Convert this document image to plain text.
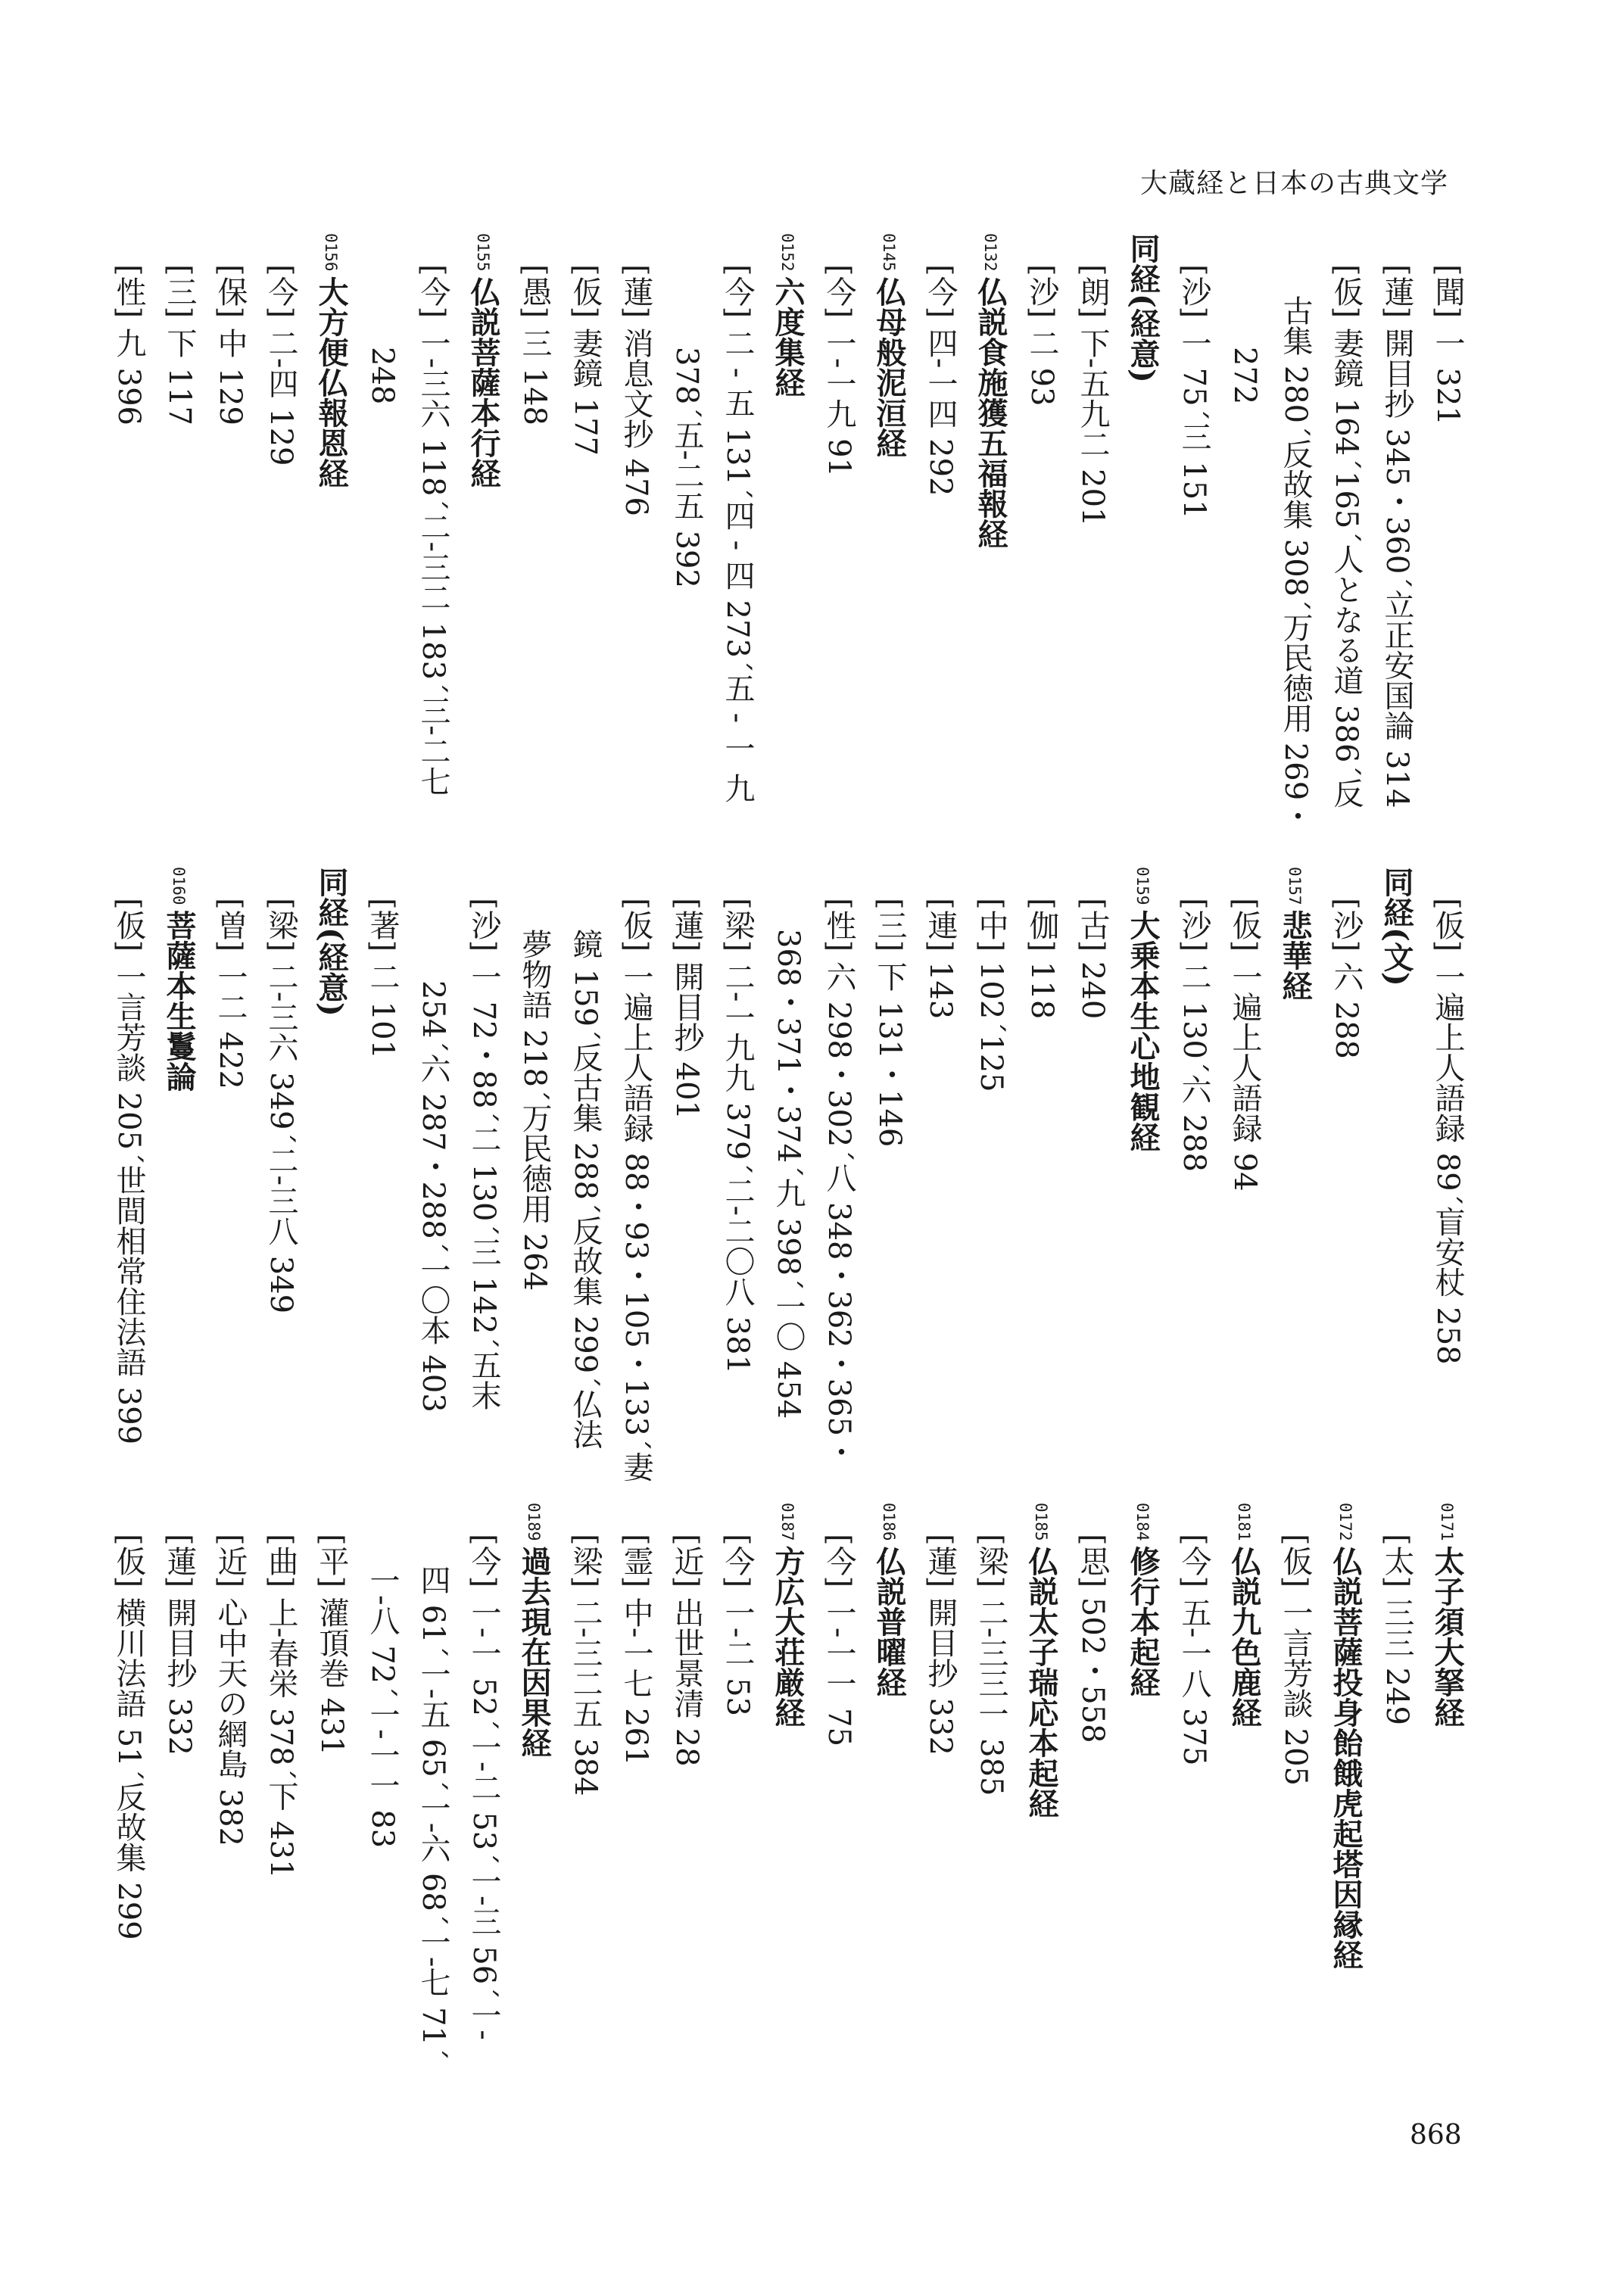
大蔵経と日本の古典文学
[聞] 一 321
[蓮] 開目抄 345・360´立正安国論 314
[仮] 妻鏡 164´165´人となる道 386´反
古集 280´反故集 308´万民徳用 269・
272
[沙] 一 75´三 151
同経(経意)
[朗] 下-五九二 201
[沙] 二 93
0132仏説食施獲五福報経
[今] 四-一四 292
0145仏母般泥洹経
[今] 一-一九 91
0152六度集経
[今] 二 - 五 131´四 - 四 273´五 - 一 九
378´五-二五 392
[蓮] 消息文抄 476
[仮] 妻鏡 177
[愚] 三 148
0155仏説菩薩本行経
[今] 一-三六 118´二-三二 183´三-二七
248
0156大方便仏報恩経
[今] 二-四 129
[保] 中 129
[三] 下 117
[性] 九 396
[仮] 一遍上人語録 89´盲安杖 258
同経(文)
[沙] 六 288
0157悲華経
[仮] 一遍上人語録 94
[沙] 二 130´六 288
0159大乗本生心地観経
[古] 240
[伽] 118
[中] 102´125
[連] 143
[三] 下 131・146
[性] 六 298・302´八 348・362・365・
368・371・374´九 398´一〇 454
[梁] 二-一九九 379´二-二〇八 381
[蓮] 開目抄 401
[仮] 一遍上人語録 88・93・105・133´妻
鏡 159´反古集 288´反故集 299´仏法
夢物語 218´万民徳用 264
[沙] 一 72・88´二 130´三 142´五末
254´六 287・288´一〇本 403
[著] 二 101
同経(経意)
[梁] 二-三六 349´二-三八 349
[曽] 一二 422
0160菩薩本生鬘論
[仮] 一言芳談 205´世間相常住法語 399
0171太子須大拏経
[太] 三三 249
0172仏説菩薩投身飴餓虎起塔因縁経
[仮] 一言芳談 205
0181仏説九色鹿経
[今] 五-一八 375
0184修行本起経
[思] 502・558
0185仏説太子瑞応本起経
[梁] 二-三三一 385
[蓮] 開目抄 332
0186仏説普曜経
[今] 一-一一 75
0187方広大荘厳経
[今] 一-二 53
[近] 出世景清 28
[霊] 中-一七 261
[梁] 二-三二五 384
0189過去現在因果経
[今] 一-一 52´一-二 53´一-三 56´一-
四 61´一-五 65´一-六 68´一-七 71´
一-八 72´一-一一 83
[平] 灌頂巻 431
[曲] 上-春栄 378´下 431
[近] 心中天の網島 382
[蓮] 開目抄 332
[仮] 横川法語 51´反故集 299
868
